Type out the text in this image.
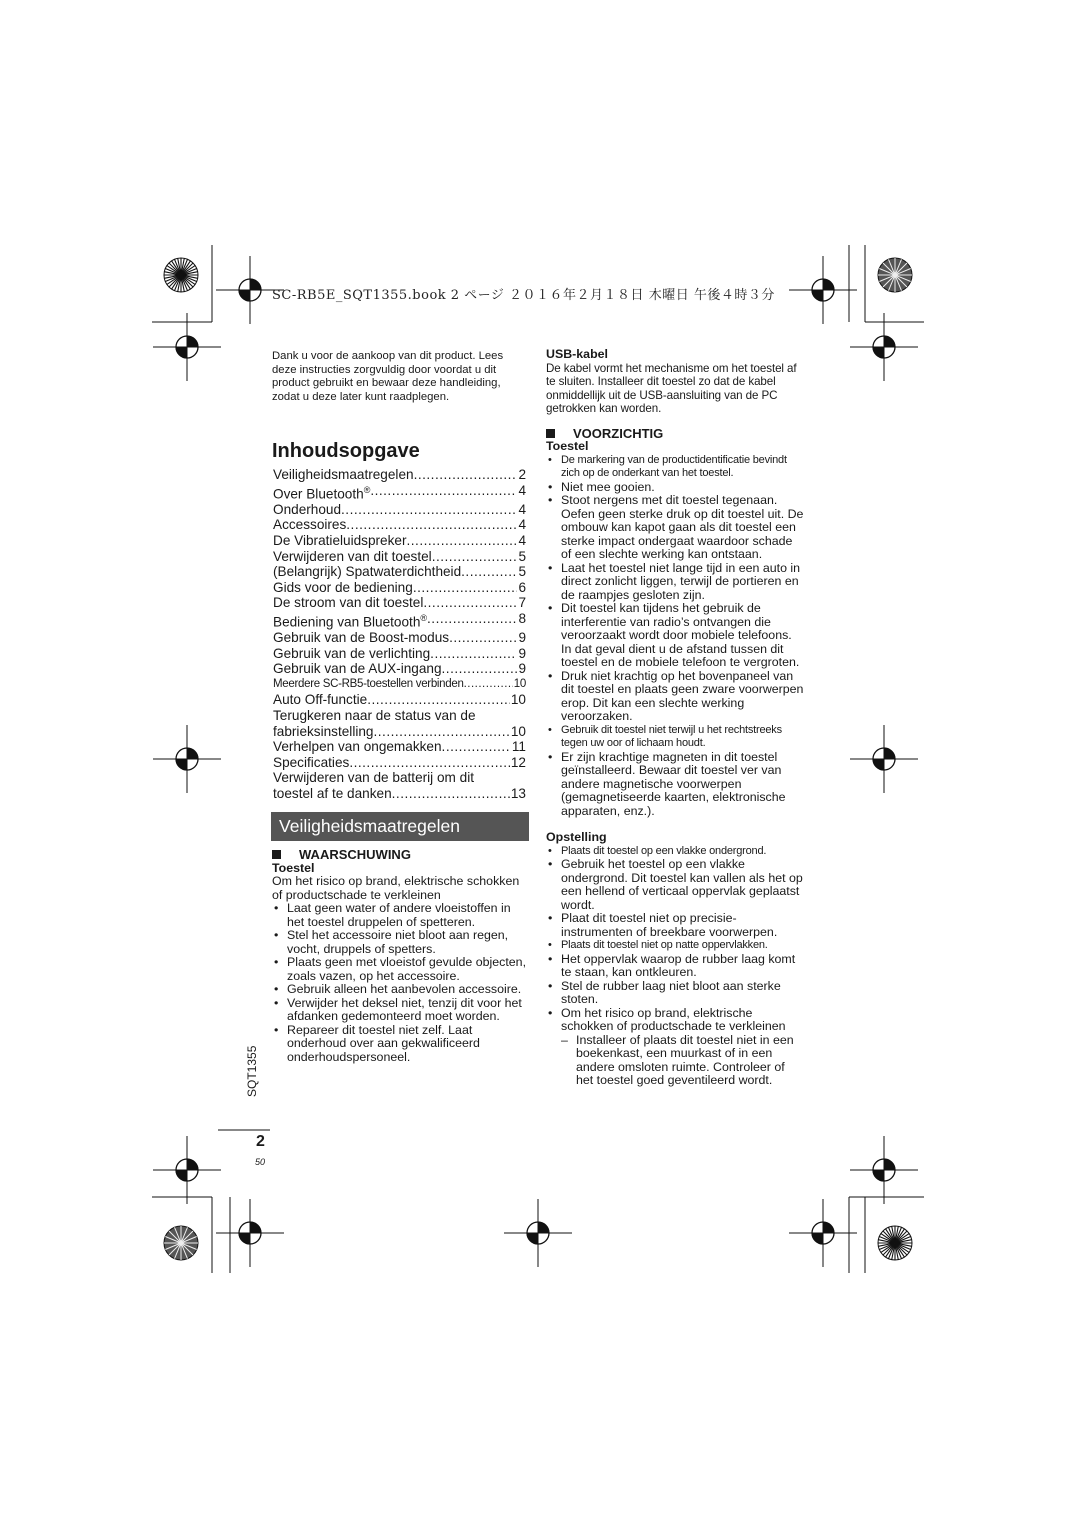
SC-RB5E_SQT1355.book 2 ページ ２０１６年２月１８日 木曜日 午後４時３分
Dank u voor de aankoop van dit product. Lees deze instructies zorgvuldig door voordat u dit product gebruikt en bewaar deze handleiding, zodat u deze later kunt raadplegen.
Inhoudsopgave
Veiligheidsmaatregelen .....	2
Over Bluetooth® .....	4
Onderhoud .....	4
Accessoires .....	4
De Vibratieluidspreker .....	4
Verwijderen van dit toestel .....	5
(Belangrijk) Spatwaterdichtheid .....	5
Gids voor de bediening .....	6
De stroom van dit toestel .....	7
Bediening van Bluetooth® .....	8
Gebruik van de Boost-modus .....	9
Gebruik van de verlichting .....	9
Gebruik van de AUX-ingang .....	9
Meerdere SC-RB5-toestellen verbinden .....	10
Auto Off-functie .....	10
Terugkeren naar de status van de
fabrieksinstelling .....	10
Verhelpen van ongemakken .....	11
Specificaties .....	12
Verwijderen van de batterij om dit
toestel af te danken .....	13
Veiligheidsmaatregelen
WAARSCHUWING
Toestel
Om het risico op brand, elektrische schokken of productschade te verkleinen
• Laat geen water of andere vloeistoffen in het toestel druppelen of spetteren.
• Stel het accessoire niet bloot aan regen, vocht, druppels of spetters.
• Plaats geen met vloeistof gevulde objecten, zoals vazen, op het accessoire.
• Gebruik alleen het aanbevolen accessoire.
• Verwijder het deksel niet, tenzij dit voor het afdanken gedemonteerd moet worden.
• Repareer dit toestel niet zelf. Laat onderhoud over aan gekwalificeerd onderhoudspersoneel.
USB-kabel
De kabel vormt het mechanisme om het toestel af te sluiten. Installeer dit toestel zo dat de kabel onmiddellijk uit de USB-aansluiting van de PC getrokken kan worden.
VOORZICHTIG
Toestel
• De markering van de productidentificatie bevindt zich op de onderkant van het toestel.
• Niet mee gooien.
• Stoot nergens met dit toestel tegenaan. Oefen geen sterke druk op dit toestel uit. De ombouw kan kapot gaan als dit toestel een sterke impact ondergaat waardoor schade of een slechte werking kan ontstaan.
• Laat het toestel niet lange tijd in een auto in direct zonlicht liggen, terwijl de portieren en de raampjes gesloten zijn.
• Dit toestel kan tijdens het gebruik de interferentie van radio’s ontvangen die veroorzaakt wordt door mobiele telefoons. In dat geval dient u de afstand tussen dit toestel en de mobiele telefoon te vergroten.
• Druk niet krachtig op het bovenpaneel van dit toestel en plaats geen zware voorwerpen erop. Dit kan een slechte werking veroorzaken.
• Gebruik dit toestel niet terwijl u het rechtstreeks tegen uw oor of lichaam houdt.
• Er zijn krachtige magneten in dit toestel geïnstalleerd. Bewaar dit toestel ver van andere magnetische voorwerpen (gemagnetiseerde kaarten, elektronische apparaten, enz.).
Opstelling
• Plaats dit toestel op een vlakke ondergrond.
• Gebruik het toestel op een vlakke ondergrond. Dit toestel kan vallen als het op een hellend of verticaal oppervlak geplaatst wordt.
• Plaat dit toestel niet op precisie-instrumenten of breekbare voorwerpen.
• Plaats dit toestel niet op natte oppervlakken.
• Het oppervlak waarop de rubber laag komt te staan, kan ontkleuren.
• Stel de rubber laag niet bloot aan sterke stoten.
• Om het risico op brand, elektrische schokken of productschade te verkleinen
– Installeer of plaats dit toestel niet in een boekenkast, een muurkast of in een andere omsloten ruimte. Controleer of het toestel goed geventileerd wordt.
SQT1355
2
50
